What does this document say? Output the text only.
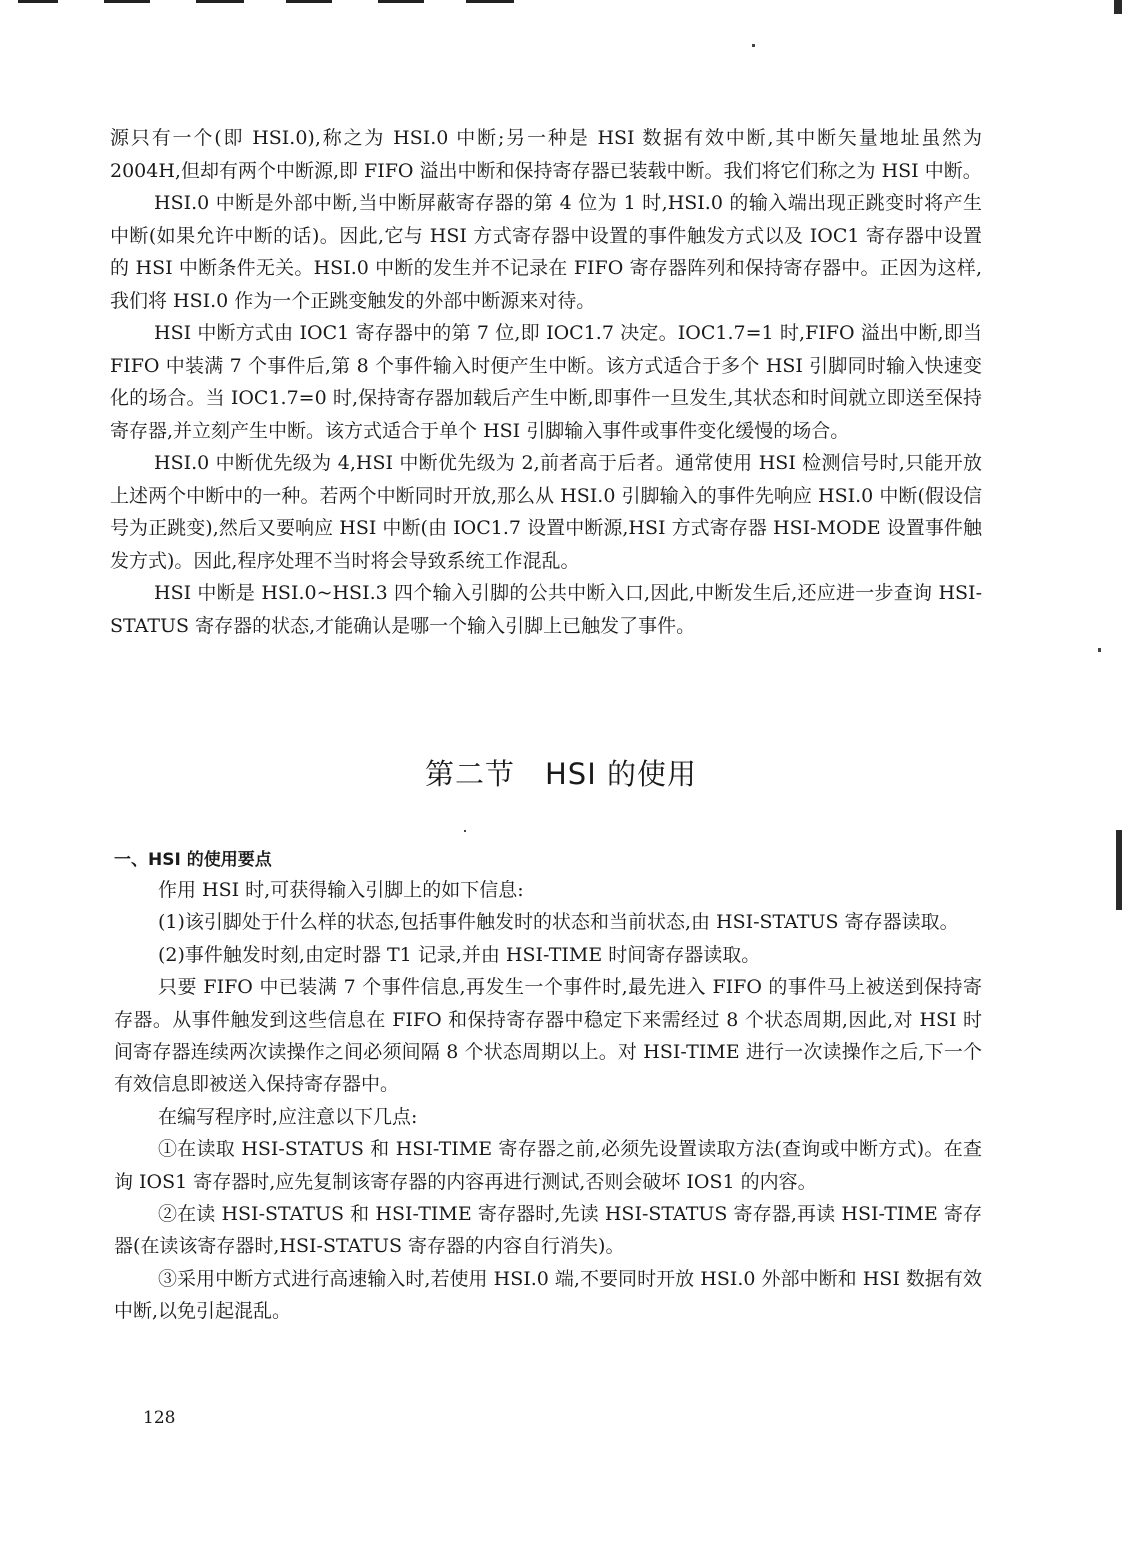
源只有一个(即 HSI.0),称之为 HSI.0 中断;另一种是 HSI 数据有效中断,其中断矢量地址虽然为 2004H,但却有两个中断源,即 FIFO 溢出中断和保持寄存器已装载中断。我们将它们称之为 HSI 中断。

HSI.0 中断是外部中断,当中断屏蔽寄存器的第 4 位为 1 时,HSI.0 的输入端出现正跳变时将产生中断(如果允许中断的话)。因此,它与 HSI 方式寄存器中设置的事件触发方式以及 IOC1 寄存器中设置的 HSI 中断条件无关。HSI.0 中断的发生并不记录在 FIFO 寄存器阵列和保持寄存器中。正因为这样,我们将 HSI.0 作为一个正跳变触发的外部中断源来对待。

HSI 中断方式由 IOC1 寄存器中的第 7 位,即 IOC1.7 决定。IOC1.7=1 时,FIFO 溢出中断,即当 FIFO 中装满 7 个事件后,第 8 个事件输入时便产生中断。该方式适合于多个 HSI 引脚同时输入快速变化的场合。当 IOC1.7=0 时,保持寄存器加载后产生中断,即事件一旦发生,其状态和时间就立即送至保持寄存器,并立刻产生中断。该方式适合于单个 HSI 引脚输入事件或事件变化缓慢的场合。

HSI.0 中断优先级为 4,HSI 中断优先级为 2,前者高于后者。通常使用 HSI 检测信号时,只能开放上述两个中断中的一种。若两个中断同时开放,那么从 HSI.0 引脚输入的事件先响应 HSI.0 中断(假设信号为正跳变),然后又要响应 HSI 中断(由 IOC1.7 设置中断源,HSI 方式寄存器 HSI-MODE 设置事件触发方式)。因此,程序处理不当时将会导致系统工作混乱。

HSI 中断是 HSI.0~HSI.3 四个输入引脚的公共中断入口,因此,中断发生后,还应进一步查询 HSI-STATUS 寄存器的状态,才能确认是哪一个输入引脚上已触发了事件。

第二节　HSI 的使用
一、HSI 的使用要点

作用 HSI 时,可获得输入引脚上的如下信息:

(1)该引脚处于什么样的状态,包括事件触发时的状态和当前状态,由 HSI-STATUS 寄存器读取。

(2)事件触发时刻,由定时器 T1 记录,并由 HSI-TIME 时间寄存器读取。

只要 FIFO 中已装满 7 个事件信息,再发生一个事件时,最先进入 FIFO 的事件马上被送到保持寄存器。从事件触发到这些信息在 FIFO 和保持寄存器中稳定下来需经过 8 个状态周期,因此,对 HSI 时间寄存器连续两次读操作之间必须间隔 8 个状态周期以上。对 HSI-TIME 进行一次读操作之后,下一个有效信息即被送入保持寄存器中。

在编写程序时,应注意以下几点:

①在读取 HSI-STATUS 和 HSI-TIME 寄存器之前,必须先设置读取方法(查询或中断方式)。在查询 IOS1 寄存器时,应先复制该寄存器的内容再进行测试,否则会破坏 IOS1 的内容。

②在读 HSI-STATUS 和 HSI-TIME 寄存器时,先读 HSI-STATUS 寄存器,再读 HSI-TIME 寄存器(在读该寄存器时,HSI-STATUS 寄存器的内容自行消失)。

③采用中断方式进行高速输入时,若使用 HSI.0 端,不要同时开放 HSI.0 外部中断和 HSI 数据有效中断,以免引起混乱。

128
